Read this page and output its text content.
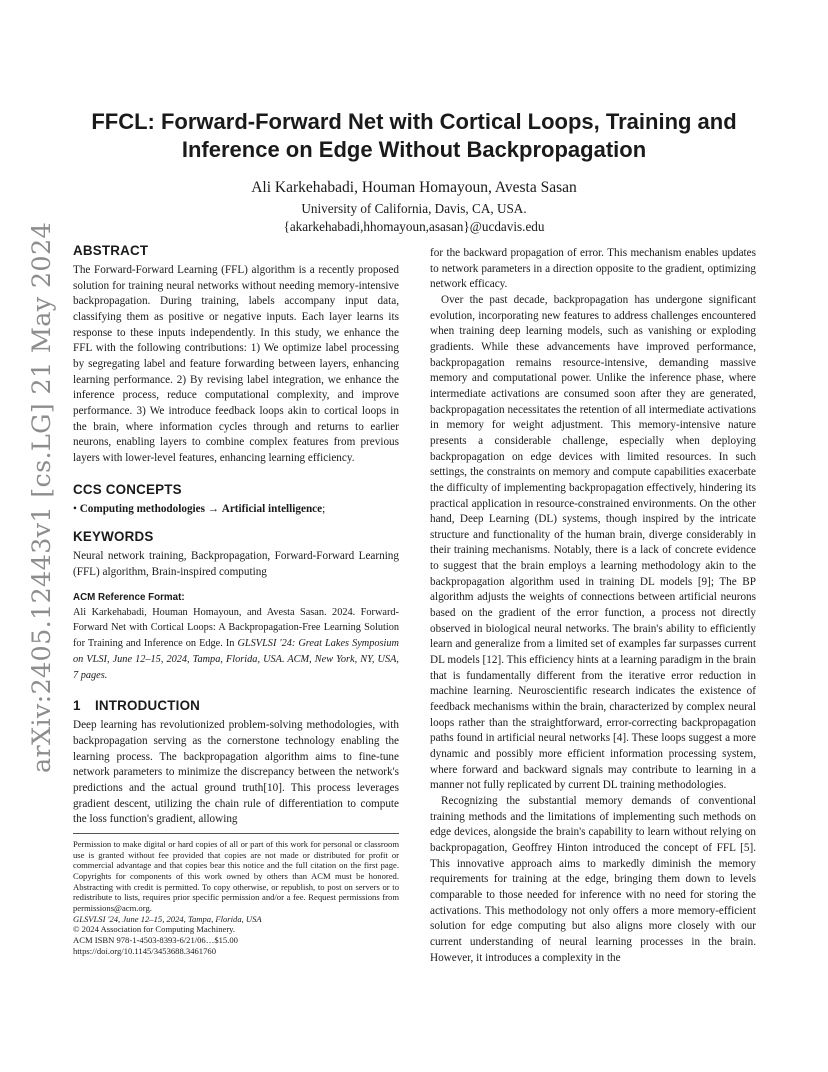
arXiv:2405.12443v1 [cs.LG] 21 May 2024
FFCL: Forward-Forward Net with Cortical Loops, Training and
Inference on Edge Without Backpropagation
Ali Karkehabadi, Houman Homayoun, Avesta Sasan
University of California, Davis, CA, USA.
{akarkehabadi,hhomayoun,asasan}@ucdavis.edu
ABSTRACT

The Forward-Forward Learning (FFL) algorithm is a recently proposed solution for training neural networks without needing memory-intensive backpropagation. During training, labels accompany input data, classifying them as positive or negative inputs. Each layer learns its response to these inputs independently. In this study, we enhance the FFL with the following contributions: 1) We optimize label processing by segregating label and feature forwarding between layers, enhancing learning performance. 2) By revising label integration, we enhance the inference process, reduce computational complexity, and improve performance. 3) We introduce feedback loops akin to cortical loops in the brain, where information cycles through and returns to earlier neurons, enabling layers to combine complex features from previous layers with lower-level features, enhancing learning efficiency.

CCS CONCEPTS

• Computing methodologies → Artificial intelligence;

KEYWORDS

Neural network training, Backpropagation, Forward-Forward Learning (FFL) algorithm, Brain-inspired computing

ACM Reference Format:

Ali Karkehabadi, Houman Homayoun, and Avesta Sasan. 2024. Forward-Forward Net with Cortical Loops: A Backpropagation-Free Learning Solution for Training and Inference on Edge. In GLSVLSI '24: Great Lakes Symposium on VLSI, June 12–15, 2024, Tampa, Florida, USA. ACM, New York, NY, USA, 7 pages.

1 INTRODUCTION

Deep learning has revolutionized problem-solving methodologies, with backpropagation serving as the cornerstone technology enabling the learning process. The backpropagation algorithm aims to fine-tune network parameters to minimize the discrepancy between the network's predictions and the actual ground truth[10]. This process leverages gradient descent, utilizing the chain rule of differentiation to compute the loss function's gradient, allowing

Permission to make digital or hard copies of all or part of this work for personal or classroom use is granted without fee provided that copies are not made or distributed for profit or commercial advantage and that copies bear this notice and the full citation on the first page. Copyrights for components of this work owned by others than ACM must be honored. Abstracting with credit is permitted. To copy otherwise, or republish, to post on servers or to redistribute to lists, requires prior specific permission and/or a fee. Request permissions from permissions@acm.org.

GLSVLSI '24, June 12–15, 2024, Tampa, Florida, USA

© 2024 Association for Computing Machinery.

ACM ISBN 978-1-4503-8393-6/21/06…$15.00

https://doi.org/10.1145/3453688.3461760

for the backward propagation of error. This mechanism enables updates to network parameters in a direction opposite to the gradient, optimizing network efficacy.

Over the past decade, backpropagation has undergone significant evolution, incorporating new features to address challenges encountered when training deep learning models, such as vanishing or exploding gradients. While these advancements have improved performance, backpropagation remains resource-intensive, demanding massive memory and computational power. Unlike the inference phase, where intermediate activations are consumed soon after they are generated, backpropagation necessitates the retention of all intermediate activations in memory for weight adjustment. This memory-intensive nature presents a considerable challenge, especially when deploying backpropagation on edge devices with limited resources. In such settings, the constraints on memory and compute capabilities exacerbate the difficulty of implementing backpropagation effectively, hindering its practical application in resource-constrained environments. On the other hand, Deep Learning (DL) systems, though inspired by the intricate structure and functionality of the human brain, diverge considerably in their training mechanisms. Notably, there is a lack of concrete evidence to suggest that the brain employs a learning methodology akin to the backpropagation algorithm used in training DL models [9]; The BP algorithm adjusts the weights of connections between artificial neurons based on the gradient of the error function, a process not directly observed in biological neural networks. The brain's ability to efficiently learn and generalize from a limited set of examples far surpasses current DL models [12]. This efficiency hints at a learning paradigm in the brain that is fundamentally different from the iterative error reduction in machine learning. Neuroscientific research indicates the existence of feedback mechanisms within the brain, characterized by complex neural loops rather than the straightforward, error-correcting backpropagation paths found in artificial neural networks [4]. These loops suggest a more dynamic and possibly more efficient information processing system, where forward and backward signals may contribute to learning in a manner not fully replicated by current DL training methodologies.

Recognizing the substantial memory demands of conventional training methods and the limitations of implementing such methods on edge devices, alongside the brain's capability to learn without relying on backpropagation, Geoffrey Hinton introduced the concept of FFL [5]. This innovative approach aims to markedly diminish the memory requirements for training at the edge, bringing them down to levels comparable to those needed for inference with no need for storing the activations. This methodology not only offers a more memory-efficient solution for edge computing but also aligns more closely with our current understanding of neural learning processes in the brain. However, it introduces a complexity in the
